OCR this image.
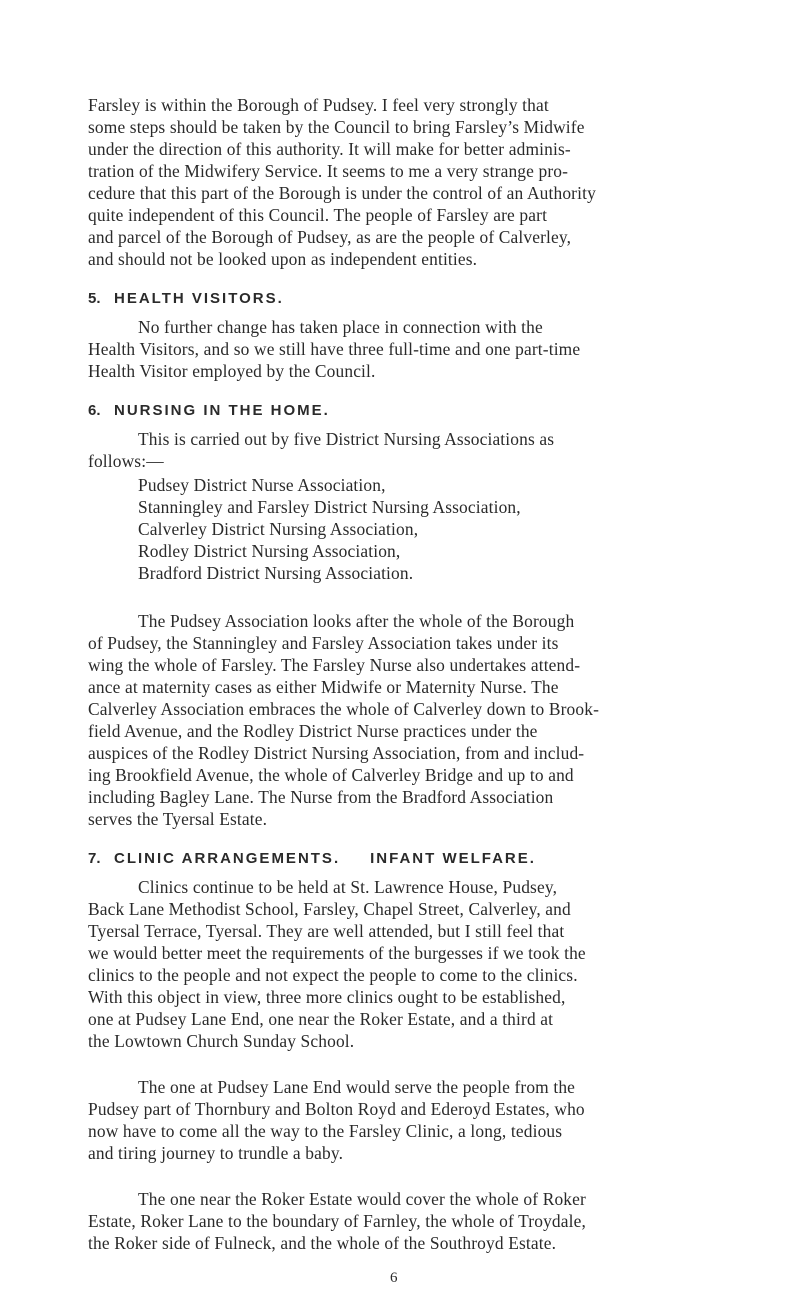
Farsley is within the Borough of Pudsey. I feel very strongly that
some steps should be taken by the Council to bring Farsley’s Midwife
under the direction of this authority. It will make for better adminis-
tration of the Midwifery Service. It seems to me a very strange pro-
cedure that this part of the Borough is under the control of an Authority
quite independent of this Council. The people of Farsley are part
and parcel of the Borough of Pudsey, as are the people of Calverley,
and should not be looked upon as independent entities.
5. HEALTH VISITORS.
No further change has taken place in connection with the
Health Visitors, and so we still have three full-time and one part-time
Health Visitor employed by the Council.
6. NURSING IN THE HOME.
This is carried out by five District Nursing Associations as
follows:—
Pudsey District Nurse Association,
Stanningley and Farsley District Nursing Association,
Calverley District Nursing Association,
Rodley District Nursing Association,
Bradford District Nursing Association.
The Pudsey Association looks after the whole of the Borough
of Pudsey, the Stanningley and Farsley Association takes under its
wing the whole of Farsley. The Farsley Nurse also undertakes attend-
ance at maternity cases as either Midwife or Maternity Nurse. The
Calverley Association embraces the whole of Calverley down to Brook-
field Avenue, and the Rodley District Nurse practices under the
auspices of the Rodley District Nursing Association, from and includ-
ing Brookfield Avenue, the whole of Calverley Bridge and up to and
including Bagley Lane. The Nurse from the Bradford Association
serves the Tyersal Estate.
7. CLINIC ARRANGEMENTS. INFANT WELFARE.
Clinics continue to be held at St. Lawrence House, Pudsey,
Back Lane Methodist School, Farsley, Chapel Street, Calverley, and
Tyersal Terrace, Tyersal. They are well attended, but I still feel that
we would better meet the requirements of the burgesses if we took the
clinics to the people and not expect the people to come to the clinics.
With this object in view, three more clinics ought to be established,
one at Pudsey Lane End, one near the Roker Estate, and a third at
the Lowtown Church Sunday School.
The one at Pudsey Lane End would serve the people from the
Pudsey part of Thornbury and Bolton Royd and Ederoyd Estates, who
now have to come all the way to the Farsley Clinic, a long, tedious
and tiring journey to trundle a baby.
The one near the Roker Estate would cover the whole of Roker
Estate, Roker Lane to the boundary of Farnley, the whole of Troydale,
the Roker side of Fulneck, and the whole of the Southroyd Estate.
6
